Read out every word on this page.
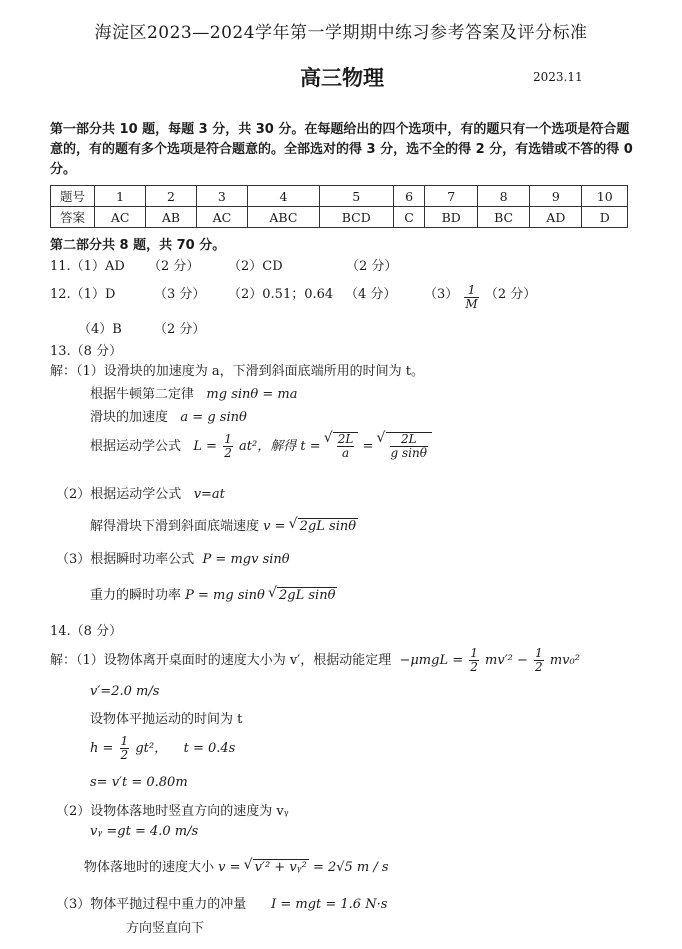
海淀区2023—2024学年第一学期期中练习参考答案及评分标准
高三物理	2023.11
第一部分共 10 题，每题 3 分，共 30 分。在每题给出的四个选项中，有的题只有一个选项是符合题意的，有的题有多个选项是符合题意的。全部选对的得 3 分，选不全的得 2 分，有选错或不答的得 0 分。
题号	1	2	3	4	5	6	7	8	9	10
答案	AC	AB	AC	ABC	BCD	C	BD	BC	AD	D
第二部分共 8 题，共 70 分。
11.（1）AD （2 分） （2）CD	（2 分）
12.（1）D	（3 分） （2）0.51；0.64 （4 分） $(3) \frac{1}{M} (2$ 分）
（4）B （2 分）
13.（8 分）
解：（1）设滑块的加速度为 a，下滑到斜面底端所用的时间为 t。
根据牛顿第二定律 mg sinθ = ma
滑块的加速度 a = g sinθ
根据运动学公式 $L = \frac{1}{2} at^2$，解得 t = √ $\frac{2L}{a}$ = √ $\frac{2L}{\text{g sinθ}}$
（2）根据运动学公式 v=at
解得滑块下滑到斜面底端速度 v = √ 2gL sinθ
（3）根据瞬时功率公式 P = mgv sinθ
重力的瞬时功率 P = mg sinθ √ 2gL sinθ
14.（8 分）
解：（1）设物体离开桌面时的速度大小为 v′，根据动能定理 $-\mu mgL = \frac{1}{2} mv'^2 - \frac{1}{2} mv_0^2$
v′=2.0 m/s
设物体平抛运动的时间为 t
$h = \frac{1}{2} gt^2$， t = 0.4s
s= v′t = 0.80m
（2）设物体落地时竖直方向的速度为 vᵧ
vᵧ =gt = 4.0 m/s
物体落地时的速度大小 v = √ v′² + vᵧ² = 2√5 m / s
（3）物体平抛过程中重力的冲量 I = mgt = 1.6 N·s
方向竖直向下
